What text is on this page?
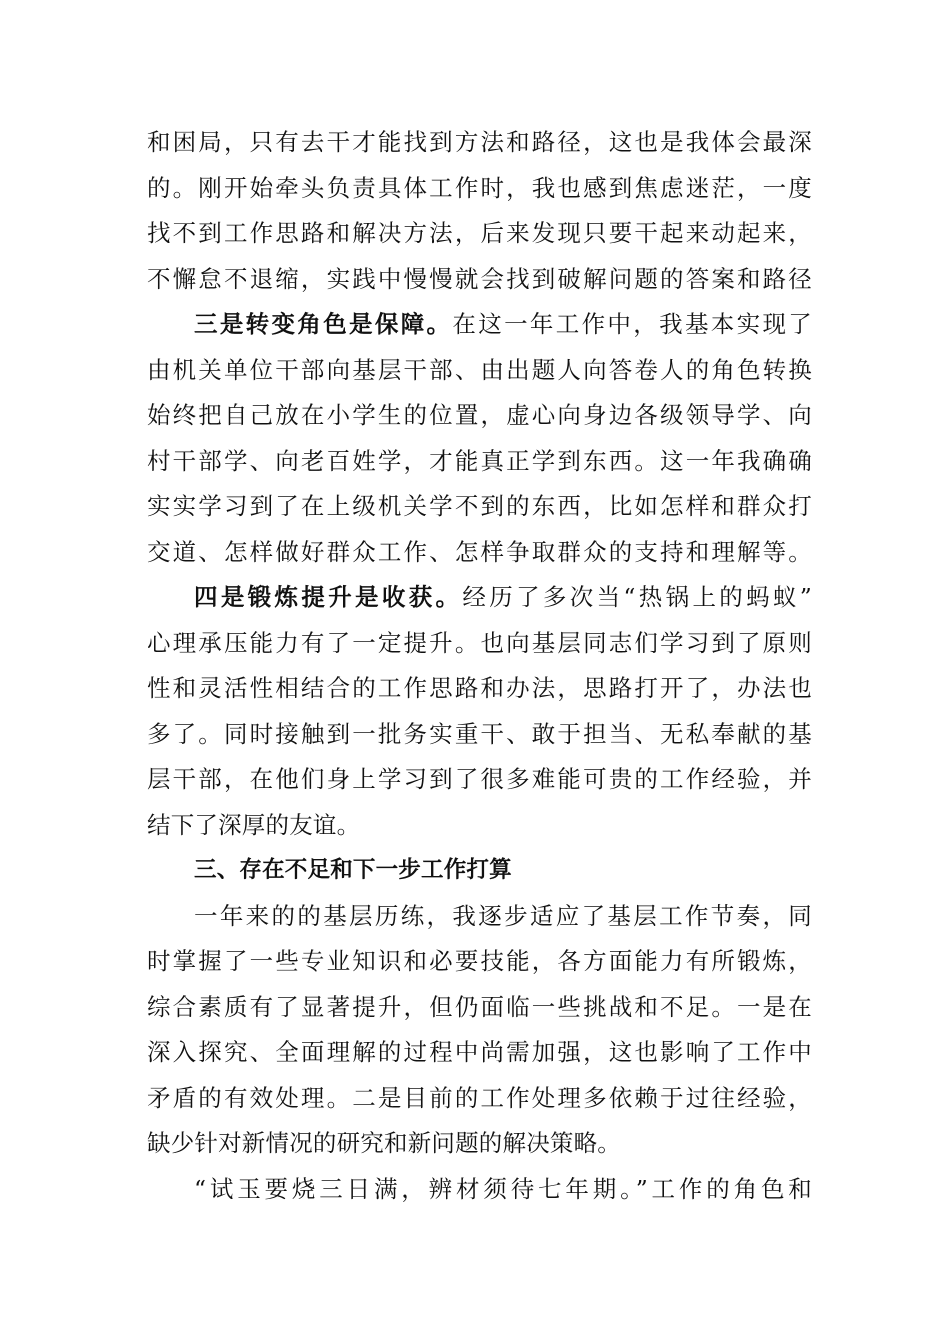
和困局，只有去干才能找到方法和路径，这也是我体会最深
的。刚开始牵头负责具体工作时，我也感到焦虑迷茫，一度
找不到工作思路和解决方法，后来发现只要干起来动起来，
不懈怠不退缩，实践中慢慢就会找到破解问题的答案和路径
三是转变角色是保障。在这一年工作中，我基本实现了
由机关单位干部向基层干部、由出题人向答卷人的角色转换
始终把自己放在小学生的位置，虚心向身边各级领导学、向
村干部学、向老百姓学，才能真正学到东西。这一年我确确
实实学习到了在上级机关学不到的东西，比如怎样和群众打
交道、怎样做好群众工作、怎样争取群众的支持和理解等。
四是锻炼提升是收获。经历了多次当“热锅上的蚂蚁”
心理承压能力有了一定提升。也向基层同志们学习到了原则
性和灵活性相结合的工作思路和办法，思路打开了，办法也
多了。同时接触到一批务实重干、敢于担当、无私奉献的基
层干部，在他们身上学习到了很多难能可贵的工作经验，并
结下了深厚的友谊。
三、存在不足和下一步工作打算
一年来的的基层历练，我逐步适应了基层工作节奏，同
时掌握了一些专业知识和必要技能，各方面能力有所锻炼，
综合素质有了显著提升，但仍面临一些挑战和不足。一是在
深入探究、全面理解的过程中尚需加强，这也影响了工作中
矛盾的有效处理。二是目前的工作处理多依赖于过往经验，
缺少针对新情况的研究和新问题的解决策略。
“试玉要烧三日满，辨材须待七年期。”工作的角色和
